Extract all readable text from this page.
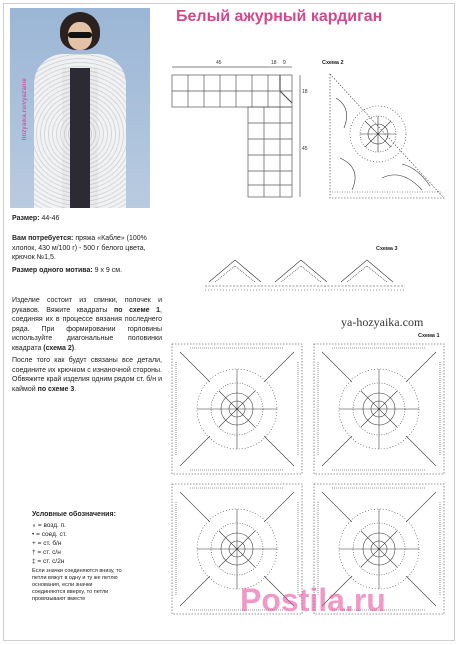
hozyaika.ru/vyazanie
Белый ажурный кардиган
Размер: 44-46
Вам потребуется: пряжа «Кабле» (100% хлопок, 430 м/100 г) - 500 г белого цвета, крючок №1,5.
Размер одного мотива: 9 x 9 см.
Изделие состоит из спинки, полочек и рукавов. Вяжите квадраты по схеме 1, соединяя их в процессе вязания последнего ряда. При формировании горловины используйте диагональные половинки квадрата (схема 2).
После того как будут связаны все детали, соедините их крючком с изнаночной стороны. Обвяжите край изделия одним рядом ст. б/н и каймой по схеме 3.
45	18 9
18
45
Схема 2
Схема 3
ya-hozyaika.com
Схема 1
Условные обозначения:
∘ = возд. п.
• = соед. ст.
+ = ст. б/н
† = ст. с/н
‡ = ст. с/2н
Если значки соединяются внизу, то петли вяжут в одну и ту же петлю основания, если значки соединяются вверху, то петли провязывают вместе	Postila.ru
